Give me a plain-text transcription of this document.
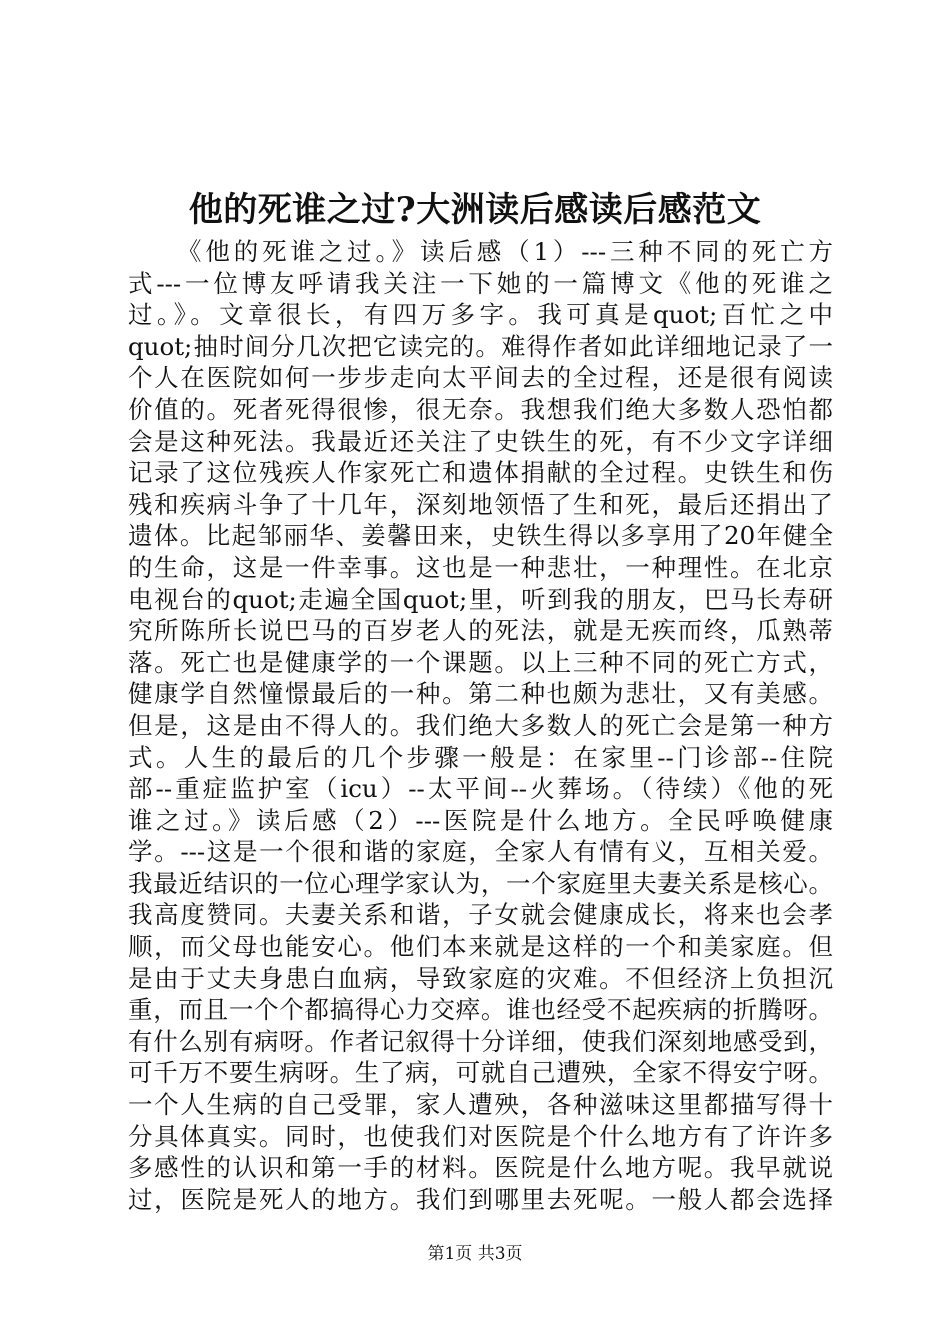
他的死谁之过?大洲读后感读后感范文
《他的死谁之过。》读后感（1）---三种不同的死亡方
式---一位博友呼请我关注一下她的一篇博文《他的死谁之
过。》。文章很长，有四万多字。我可真是quot;百忙之中
quot;抽时间分几次把它读完的。难得作者如此详细地记录了一
个人在医院如何一步步走向太平间去的全过程，还是很有阅读
价值的。死者死得很惨，很无奈。我想我们绝大多数人恐怕都
会是这种死法。我最近还关注了史铁生的死，有不少文字详细
记录了这位残疾人作家死亡和遗体捐献的全过程。史铁生和伤
残和疾病斗争了十几年，深刻地领悟了生和死，最后还捐出了
遗体。比起邹丽华、姜馨田来，史铁生得以多享用了20年健全
的生命，这是一件幸事。这也是一种悲壮，一种理性。在北京
电视台的quot;走遍全国quot;里，听到我的朋友，巴马长寿研
究所陈所长说巴马的百岁老人的死法，就是无疾而终，瓜熟蒂
落。死亡也是健康学的一个课题。以上三种不同的死亡方式，
健康学自然憧憬最后的一种。第二种也颇为悲壮，又有美感。
但是，这是由不得人的。我们绝大多数人的死亡会是第一种方
式。人生的最后的几个步骤一般是：在家里--门诊部--住院
部--重症监护室（icu）--太平间--火葬场。（待续）《他的死
谁之过。》读后感（2）---医院是什么地方。全民呼唤健康
学。---这是一个很和谐的家庭，全家人有情有义，互相关爱。
我最近结识的一位心理学家认为，一个家庭里夫妻关系是核心。
我高度赞同。夫妻关系和谐，子女就会健康成长，将来也会孝
顺，而父母也能安心。他们本来就是这样的一个和美家庭。但
是由于丈夫身患白血病，导致家庭的灾难。不但经济上负担沉
重，而且一个个都搞得心力交瘁。谁也经受不起疾病的折腾呀。
有什么别有病呀。作者记叙得十分详细，使我们深刻地感受到，
可千万不要生病呀。生了病，可就自己遭殃，全家不得安宁呀。
一个人生病的自己受罪，家人遭殃，各种滋味这里都描写得十
分具体真实。同时，也使我们对医院是个什么地方有了许许多
多感性的认识和第一手的材料。医院是什么地方呢。我早就说
过，医院是死人的地方。我们到哪里去死呢。一般人都会选择
第1页 共3页
